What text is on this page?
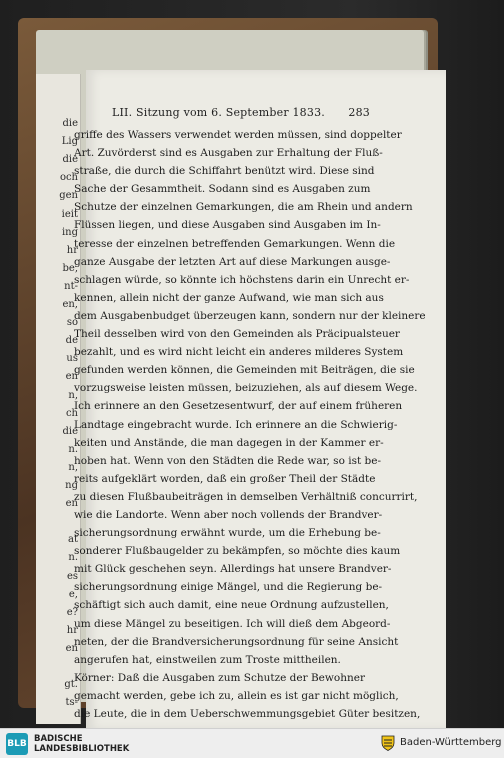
die
Lig
die
och
gen
ieit
ing
hr
be,
nt-
en,
so
de
us
en
n,
ch
die
n.
n,
ng
en
at
n.
es
e,
e?
hr
en
gt.
ts-
LII. Sitzung vom 6. September 1833. 283
griffe des Wassers verwendet werden müssen, sind doppelter
Art. Zuvörderst sind es Ausgaben zur Erhaltung der Fluß-
straße, die durch die Schiffahrt benützt wird. Diese sind
Sache der Gesammtheit. Sodann sind es Ausgaben zum
Schutze der einzelnen Gemarkungen, die am Rhein und andern
Flüssen liegen, und diese Ausgaben sind Ausgaben im In-
teresse der einzelnen betreffenden Gemarkungen. Wenn die
ganze Ausgabe der letzten Art auf diese Markungen ausge-
schlagen würde, so könnte ich höchstens darin ein Unrecht er-
kennen, allein nicht der ganze Aufwand, wie man sich aus
dem Ausgabenbudget überzeugen kann, sondern nur der kleinere
Theil desselben wird von den Gemeinden als Präcipualsteuer
bezahlt, und es wird nicht leicht ein anderes milderes System
gefunden werden können, die Gemeinden mit Beiträgen, die sie
vorzugsweise leisten müssen, beizuziehen, als auf diesem Wege.
Ich erinnere an den Gesetzesentwurf, der auf einem früheren
Landtage eingebracht wurde. Ich erinnere an die Schwierig-
keiten und Anstände, die man dagegen in der Kammer er-
hoben hat. Wenn von den Städten die Rede war, so ist be-
reits aufgeklärt worden, daß ein großer Theil der Städte
zu diesen Flußbaubeiträgen in demselben Verhältniß concurrirt,
wie die Landorte. Wenn aber noch vollends der Brandver-
sicherungsordnung erwähnt wurde, um die Erhebung be-
sonderer Flußbaugelder zu bekämpfen, so möchte dies kaum
mit Glück geschehen seyn. Allerdings hat unsere Brandver-
sicherungsordnung einige Mängel, und die Regierung be-
schäftigt sich auch damit, eine neue Ordnung aufzustellen,
um diese Mängel zu beseitigen. Ich will dieß dem Abgeord-
neten, der die Brandversicherungsordnung für seine Ansicht
angerufen hat, einstweilen zum Troste mittheilen.
Körner: Daß die Ausgaben zum Schutze der Bewohner
gemacht werden, gebe ich zu, allein es ist gar nicht möglich,
die Leute, die in dem Ueberschwemmungsgebiet Güter besitzen,
BLB BADISCHE
LANDESBIBLIOTHEK
Baden-Württemberg
